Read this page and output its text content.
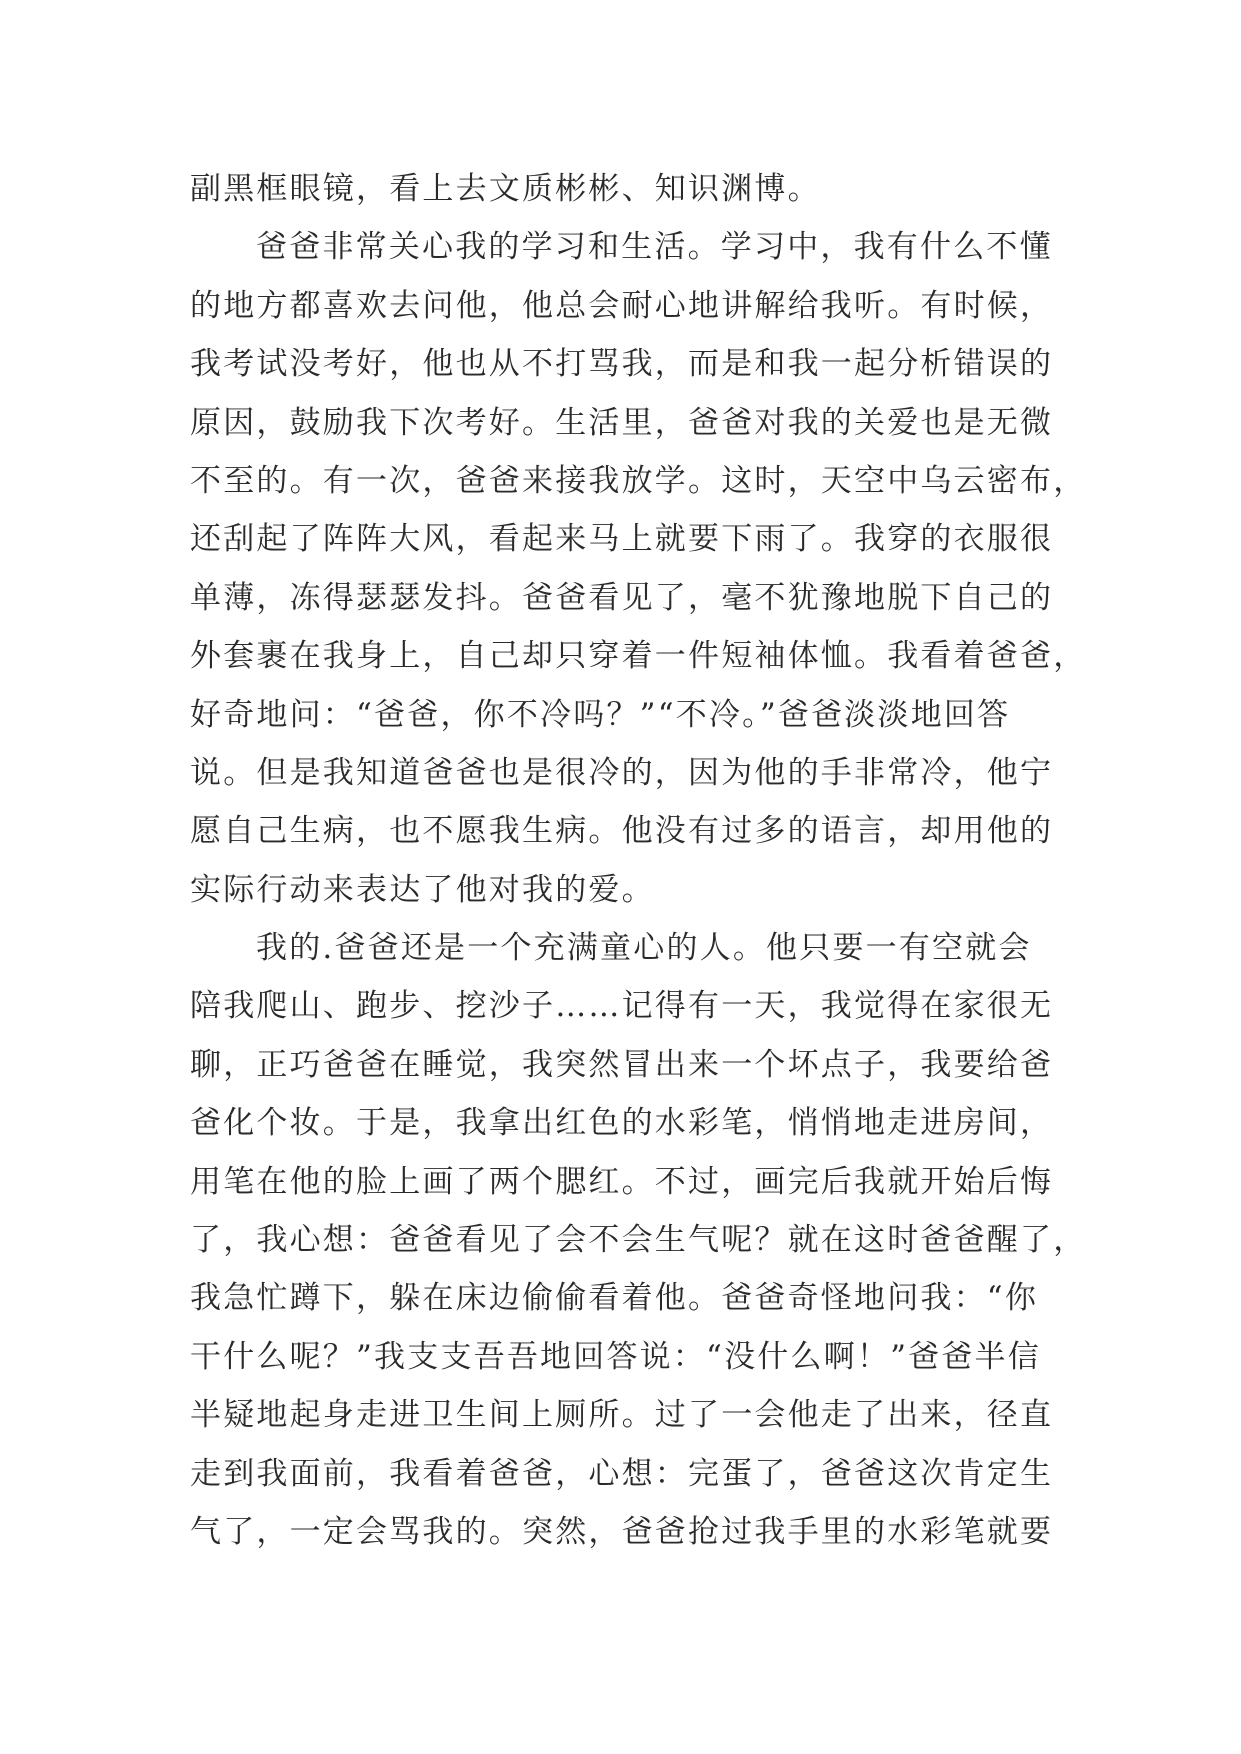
副黑框眼镜，看上去文质彬彬、知识渊博。
爸爸非常关心我的学习和生活。学习中，我有什么不懂
的地方都喜欢去问他，他总会耐心地讲解给我听。有时候，
我考试没考好，他也从不打骂我，而是和我一起分析错误的
原因，鼓励我下次考好。生活里，爸爸对我的关爱也是无微
不至的。有一次，爸爸来接我放学。这时，天空中乌云密布，
还刮起了阵阵大风，看起来马上就要下雨了。我穿的衣服很
单薄，冻得瑟瑟发抖。爸爸看见了，毫不犹豫地脱下自己的
外套裹在我身上，自己却只穿着一件短袖体恤。我看着爸爸，
好奇地问：“爸爸，你不冷吗？”“不冷。”爸爸淡淡地回答
说。但是我知道爸爸也是很冷的，因为他的手非常冷，他宁
愿自己生病，也不愿我生病。他没有过多的语言，却用他的
实际行动来表达了他对我的爱。
我的.爸爸还是一个充满童心的人。他只要一有空就会
陪我爬山、跑步、挖沙子……记得有一天，我觉得在家很无
聊，正巧爸爸在睡觉，我突然冒出来一个坏点子，我要给爸
爸化个妆。于是，我拿出红色的水彩笔，悄悄地走进房间，
用笔在他的脸上画了两个腮红。不过，画完后我就开始后悔
了，我心想：爸爸看见了会不会生气呢？就在这时爸爸醒了，
我急忙蹲下，躲在床边偷偷看着他。爸爸奇怪地问我：“你
干什么呢？”我支支吾吾地回答说：“没什么啊！”爸爸半信
半疑地起身走进卫生间上厕所。过了一会他走了出来，径直
走到我面前，我看着爸爸，心想：完蛋了，爸爸这次肯定生
气了，一定会骂我的。突然，爸爸抢过我手里的水彩笔就要
